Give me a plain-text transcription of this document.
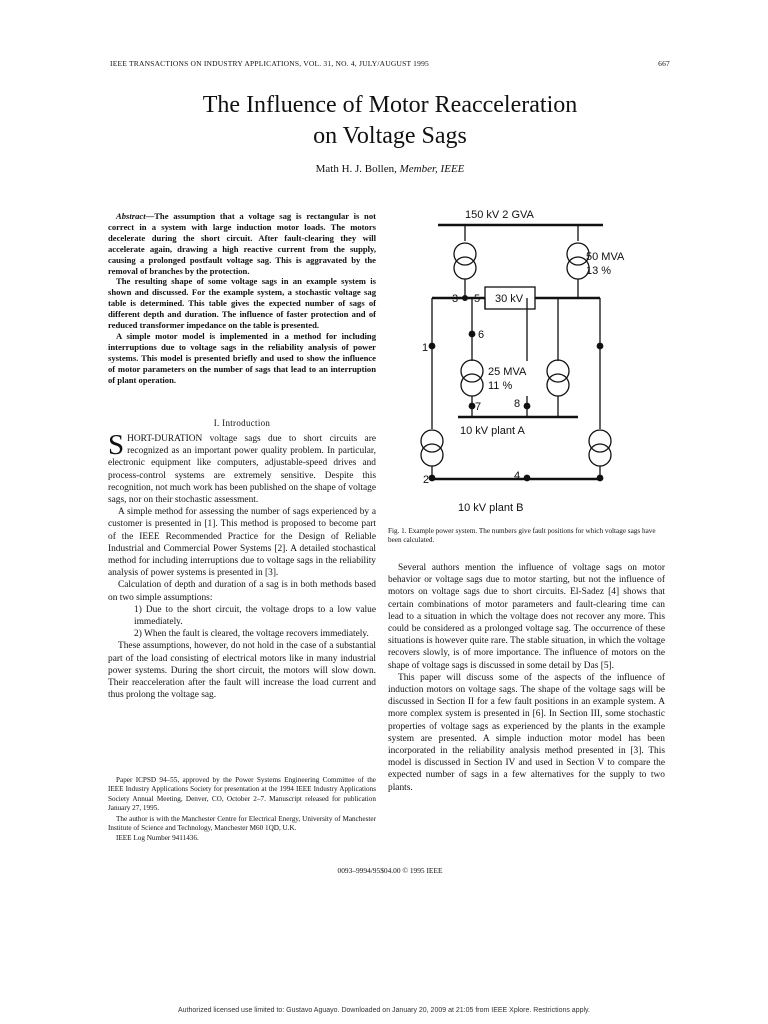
IEEE TRANSACTIONS ON INDUSTRY APPLICATIONS, VOL. 31, NO. 4, JULY/AUGUST 1995	667
The Influence of Motor Reacceleration
on Voltage Sags
Math H. J. Bollen, Member, IEEE

Abstract—The assumption that a voltage sag is rectangular is not correct in a system with large induction motor loads. The motors decelerate during the short circuit. After fault-clearing they will accelerate again, drawing a high reactive current from the supply, causing a prolonged postfault voltage sag. This is aggravated by the removal of branches by the protection.

The resulting shape of some voltage sags in an example system is shown and discussed. For the example system, a stochastic voltage sag table is determined. This table gives the expected number of sags of different depth and duration. The influence of faster protection and of reduced transformer impedance on the table is presented.

A simple motor model is implemented in a method for including interruptions due to voltage sags in the reliability analysis of power systems. This model is presented briefly and used to show the influence of motor parameters on the number of sags that lead to an interruption of plant operation.

I. Introduction

SHORT-DURATION voltage sags due to short circuits are recognized as an important power quality problem. In particular, electronic equipment like computers, adjustable-speed drives and process-control systems are extremely sensitive. Despite this recognition, not much work has been published on the shape of voltage sags, nor on their stochastic assessment.

A simple method for assessing the number of sags experienced by a customer is presented in [1]. This method is proposed to become part of the IEEE Recommended Practice for the Design of Reliable Industrial and Commercial Power Systems [2]. A detailed stochastical method for including interruptions due to voltage sags in the reliability analysis of power systems is presented in [3].

Calculation of depth and duration of a sag is in both methods based on two simple assumptions:

1) Due to the short circuit, the voltage drops to a low value immediately.

2) When the fault is cleared, the voltage recovers immediately.

These assumptions, however, do not hold in the case of a substantial part of the load consisting of electrical motors like in many industrial power systems. During the short circuit, the motors will slow down. Their reacceleration after the fault will increase the load current and thus prolong the voltage sag.

Paper ICPSD 94–55, approved by the Power Systems Engineering Committee of the IEEE Industry Applications Society for presentation at the 1994 IEEE Industry Applications Society Annual Meeting, Denver, CO, October 2–7. Manuscript released for publication January 27, 1995.

The author is with the Manchester Centre for Electrical Energy, University of Manchester Institute of Science and Technology, Manchester M60 1QD, U.K.

IEEE Log Number 9411436.

150 kV 2 GVA
50 MVA
13 %
30 kV
25 MVA
11 %
10 kV plant A
10 kV plant B
1
2
3
4
5
6
7	8
Fig. 1. Example power system. The numbers give fault positions for which voltage sags have been calculated.

Several authors mention the influence of voltage sags on motor behavior or voltage sags due to motor starting, but not the influence of motors on voltage sags due to short circuits. El-Sadez [4] shows that certain combinations of motor parameters and fault-clearing time can lead to a situation in which the voltage does not recover any more. This could be considered as a prolonged voltage sag. The occurrence of these situations is however quite rare. The stable situation, in which the voltage recovers slowly, is of more importance. The influence of motors on the shape of voltage sags is discussed in some detail by Das [5].

This paper will discuss some of the aspects of the influence of induction motors on voltage sags. The shape of the voltage sags will be discussed in Section II for a few fault positions in an example system. A more complex system is presented in [6]. In Section III, some stochastic properties of voltage sags as experienced by the plants in the example system are presented. A simple induction motor model has been incorporated in the reliability analysis method presented in [3]. This model is discussed in Section IV and used in Section V to compare the expected number of sags in a few alternatives for the supply to two plants.

0093–9994/95$04.00 © 1995 IEEE
Authorized licensed use limited to: Gustavo Aguayo. Downloaded on January 20, 2009 at 21:05 from IEEE Xplore. Restrictions apply.
